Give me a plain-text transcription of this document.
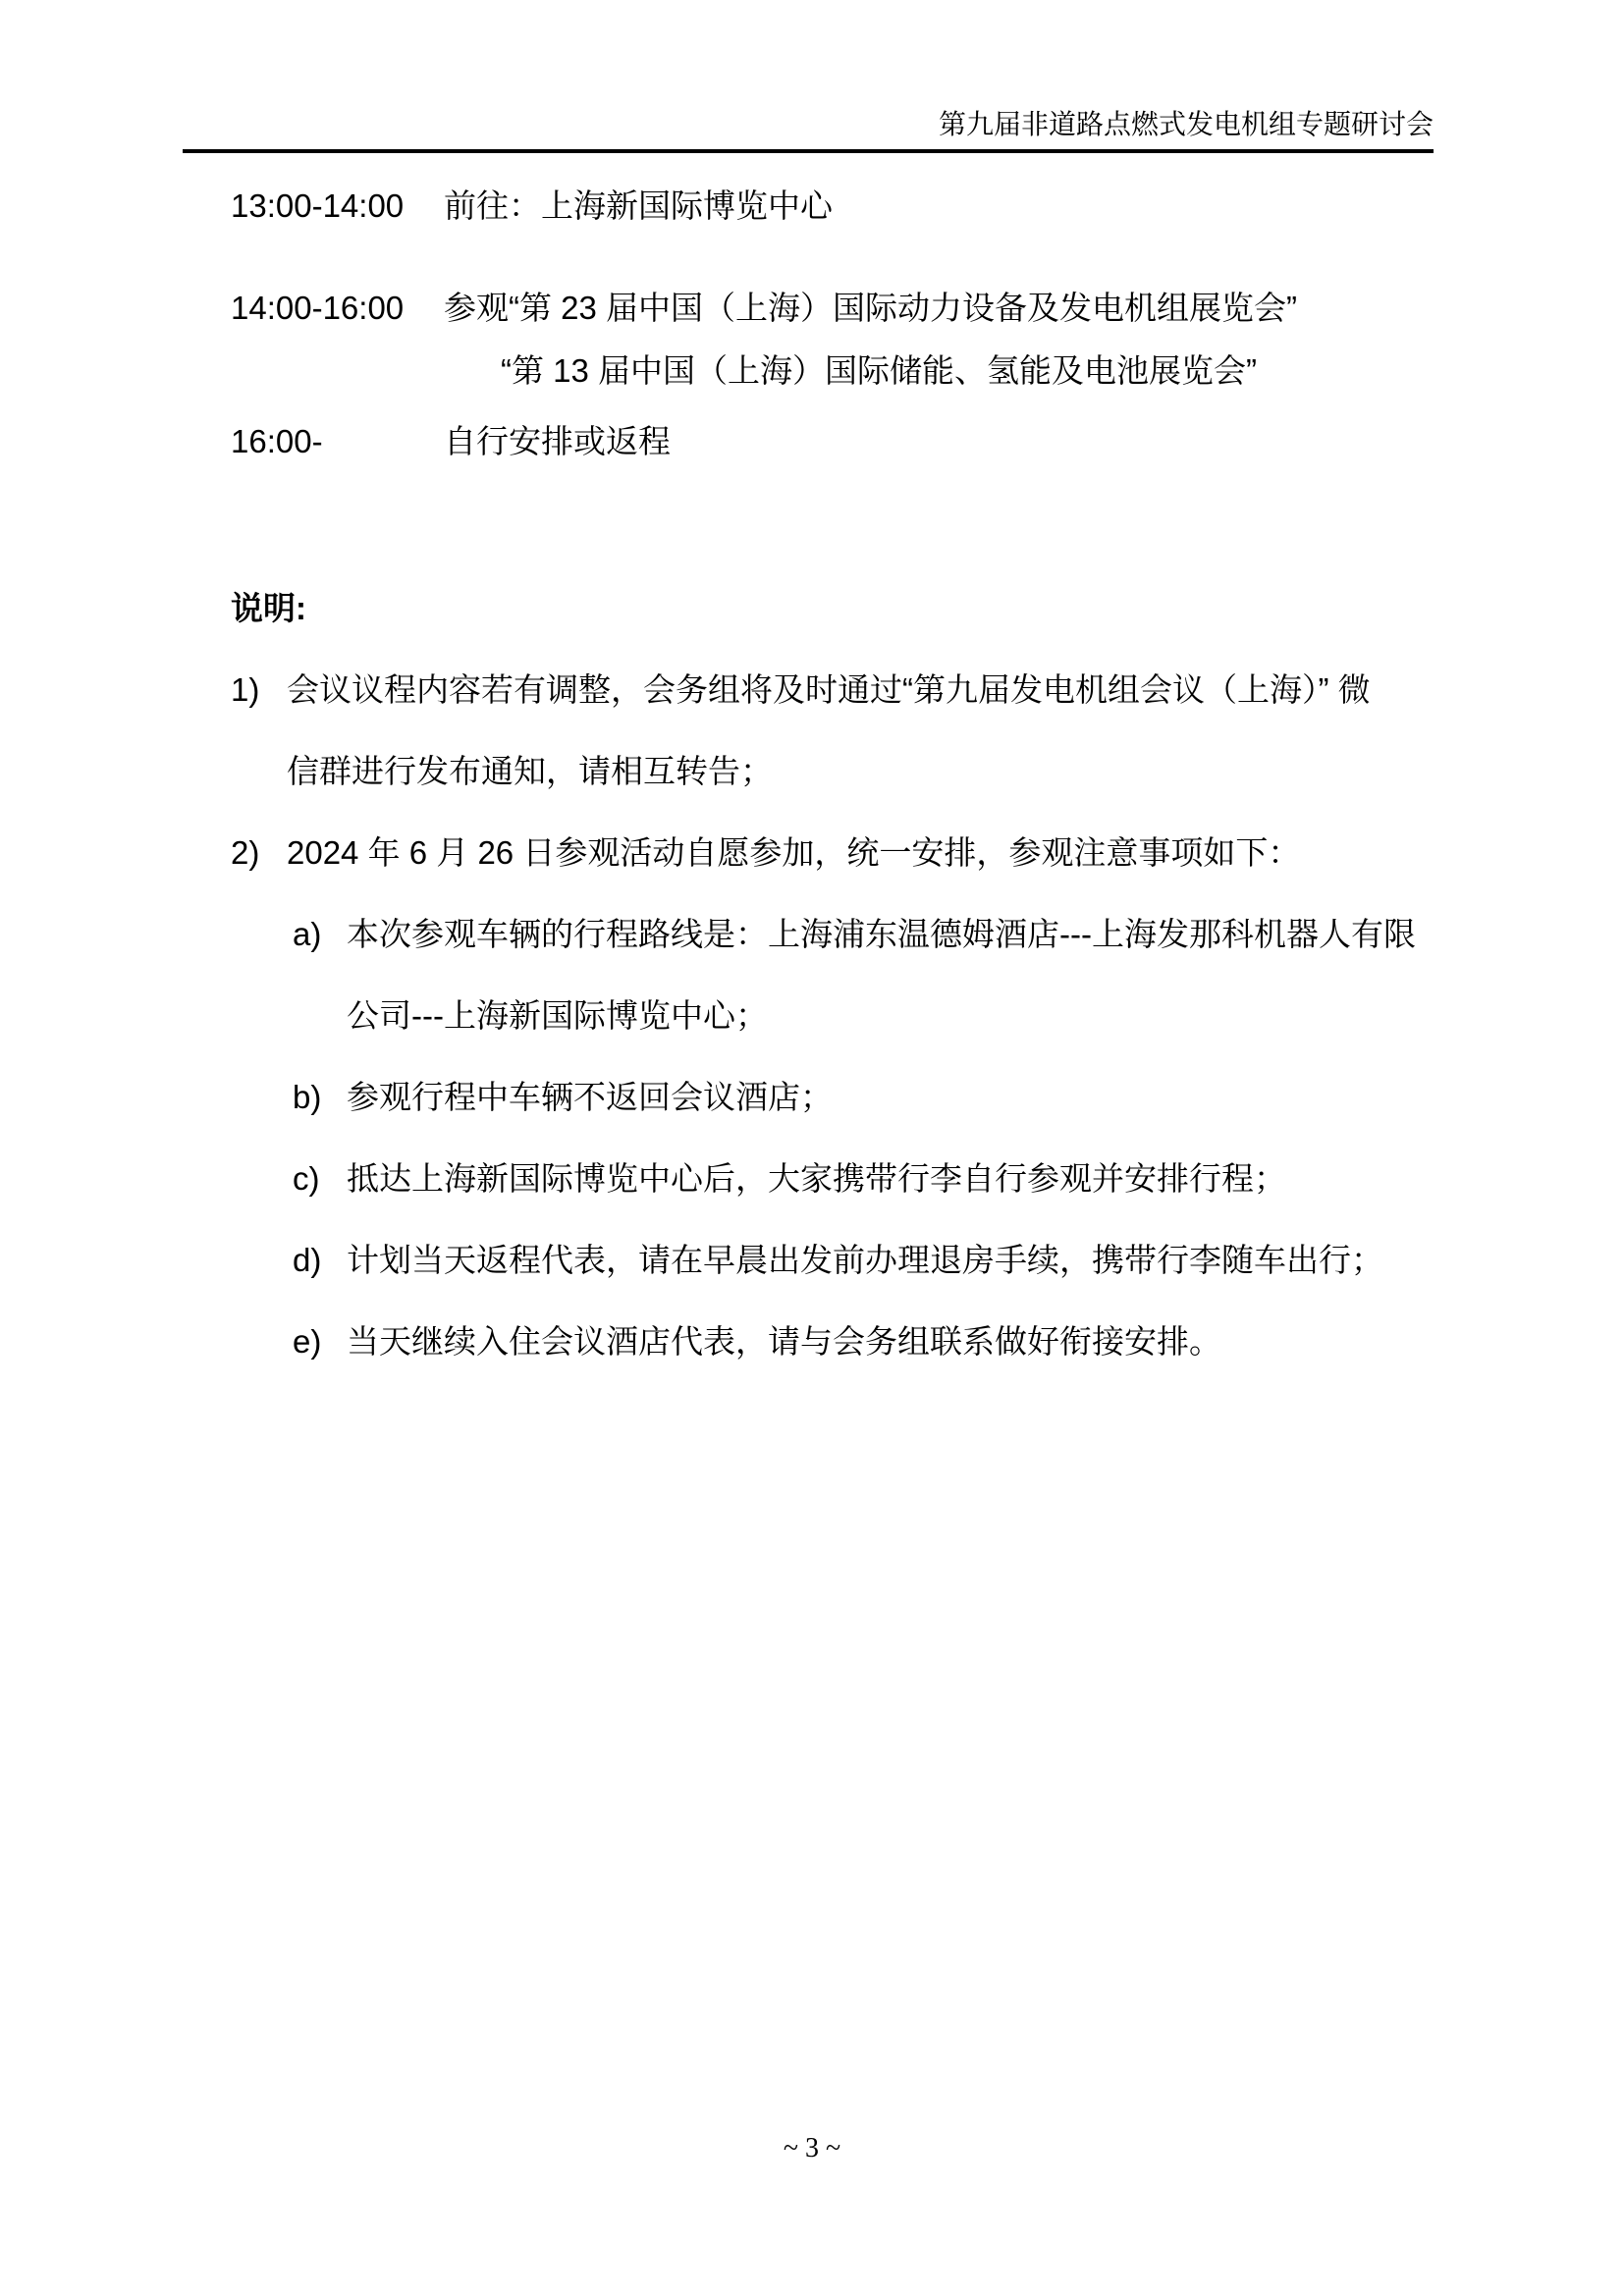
第九届非道路点燃式发电机组专题研讨会
13:00-14:00	前往：上海新国际博览中心
14:00-16:00	参观“第 23 届中国（上海）国际动力设备及发电机组展览会”
“第 13 届中国（上海）国际储能、氢能及电池展览会”
16:00-	自行安排或返程
说明:
1) 会议议程内容若有调整，会务组将及时通过“第九届发电机组会议（上海）” 微
信群进行发布通知，请相互转告；
2) 2024 年 6 月 26 日参观活动自愿参加，统一安排，参观注意事项如下：
a) 本次参观车辆的行程路线是：上海浦东温德姆酒店---上海发那科机器人有限
公司---上海新国际博览中心；
b) 参观行程中车辆不返回会议酒店；
c) 抵达上海新国际博览中心后，大家携带行李自行参观并安排行程；
d) 计划当天返程代表，请在早晨出发前办理退房手续，携带行李随车出行；
e) 当天继续入住会议酒店代表，请与会务组联系做好衔接安排。
~ 3 ~
